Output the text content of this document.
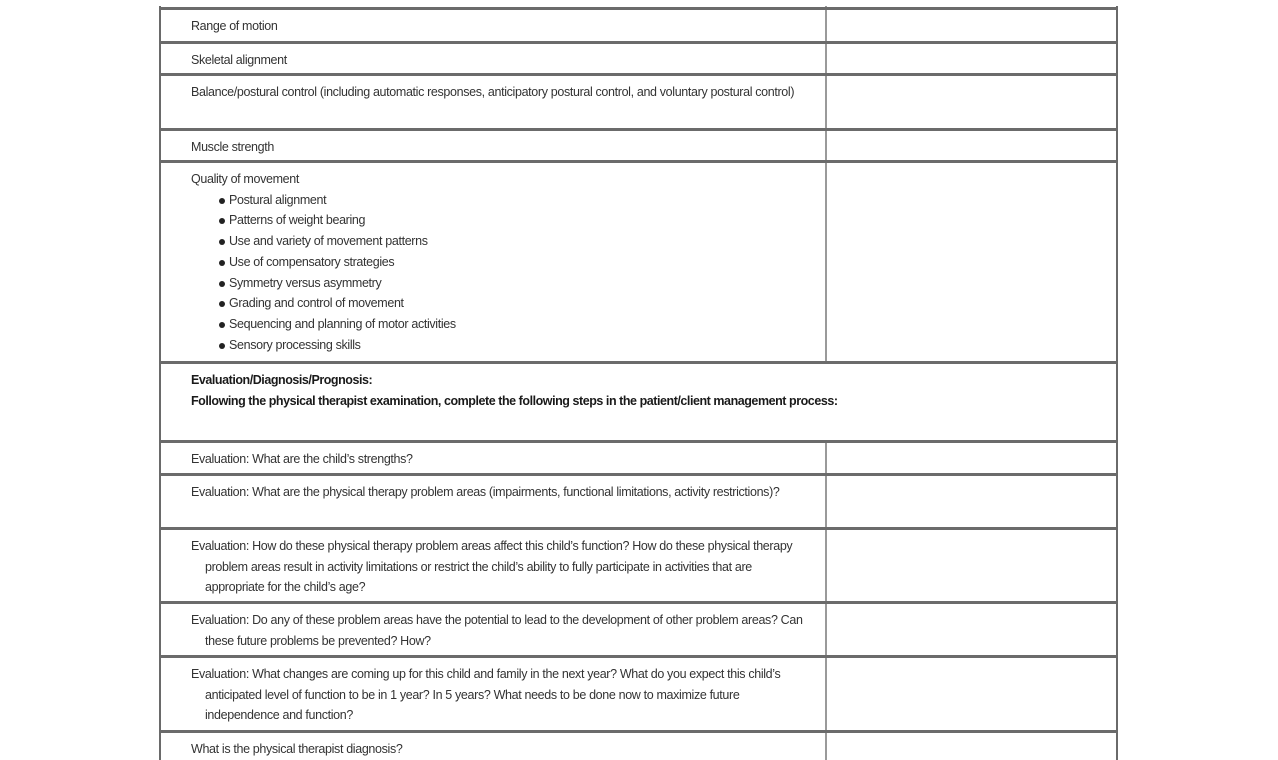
Range of motion
Skeletal alignment
Balance/postural control (including automatic responses, anticipatory postural control, and voluntary postural control)
Muscle strength
Quality of movement
Postural alignment
Patterns of weight bearing
Use and variety of movement patterns
Use of compensatory strategies
Symmetry versus asymmetry
Grading and control of movement
Sequencing and planning of motor activities
Sensory processing skills
Evaluation/Diagnosis/Prognosis:
Following the physical therapist examination, complete the following steps in the patient/client management process:
Evaluation: What are the child’s strengths?
Evaluation: What are the physical therapy problem areas (impairments, functional limitations, activity restrictions)?
Evaluation: How do these physical therapy problem areas affect this child’s function? How do these physical therapy problem areas result in activity limitations or restrict the child’s ability to fully participate in activities that are appropriate for the child’s age?
Evaluation: Do any of these problem areas have the potential to lead to the development of other problem areas? Can these future problems be prevented? How?
Evaluation: What changes are coming up for this child and family in the next year? What do you expect this child’s anticipated level of function to be in 1 year? In 5 years? What needs to be done now to maximize future independence and function?
What is the physical therapist diagnosis?
